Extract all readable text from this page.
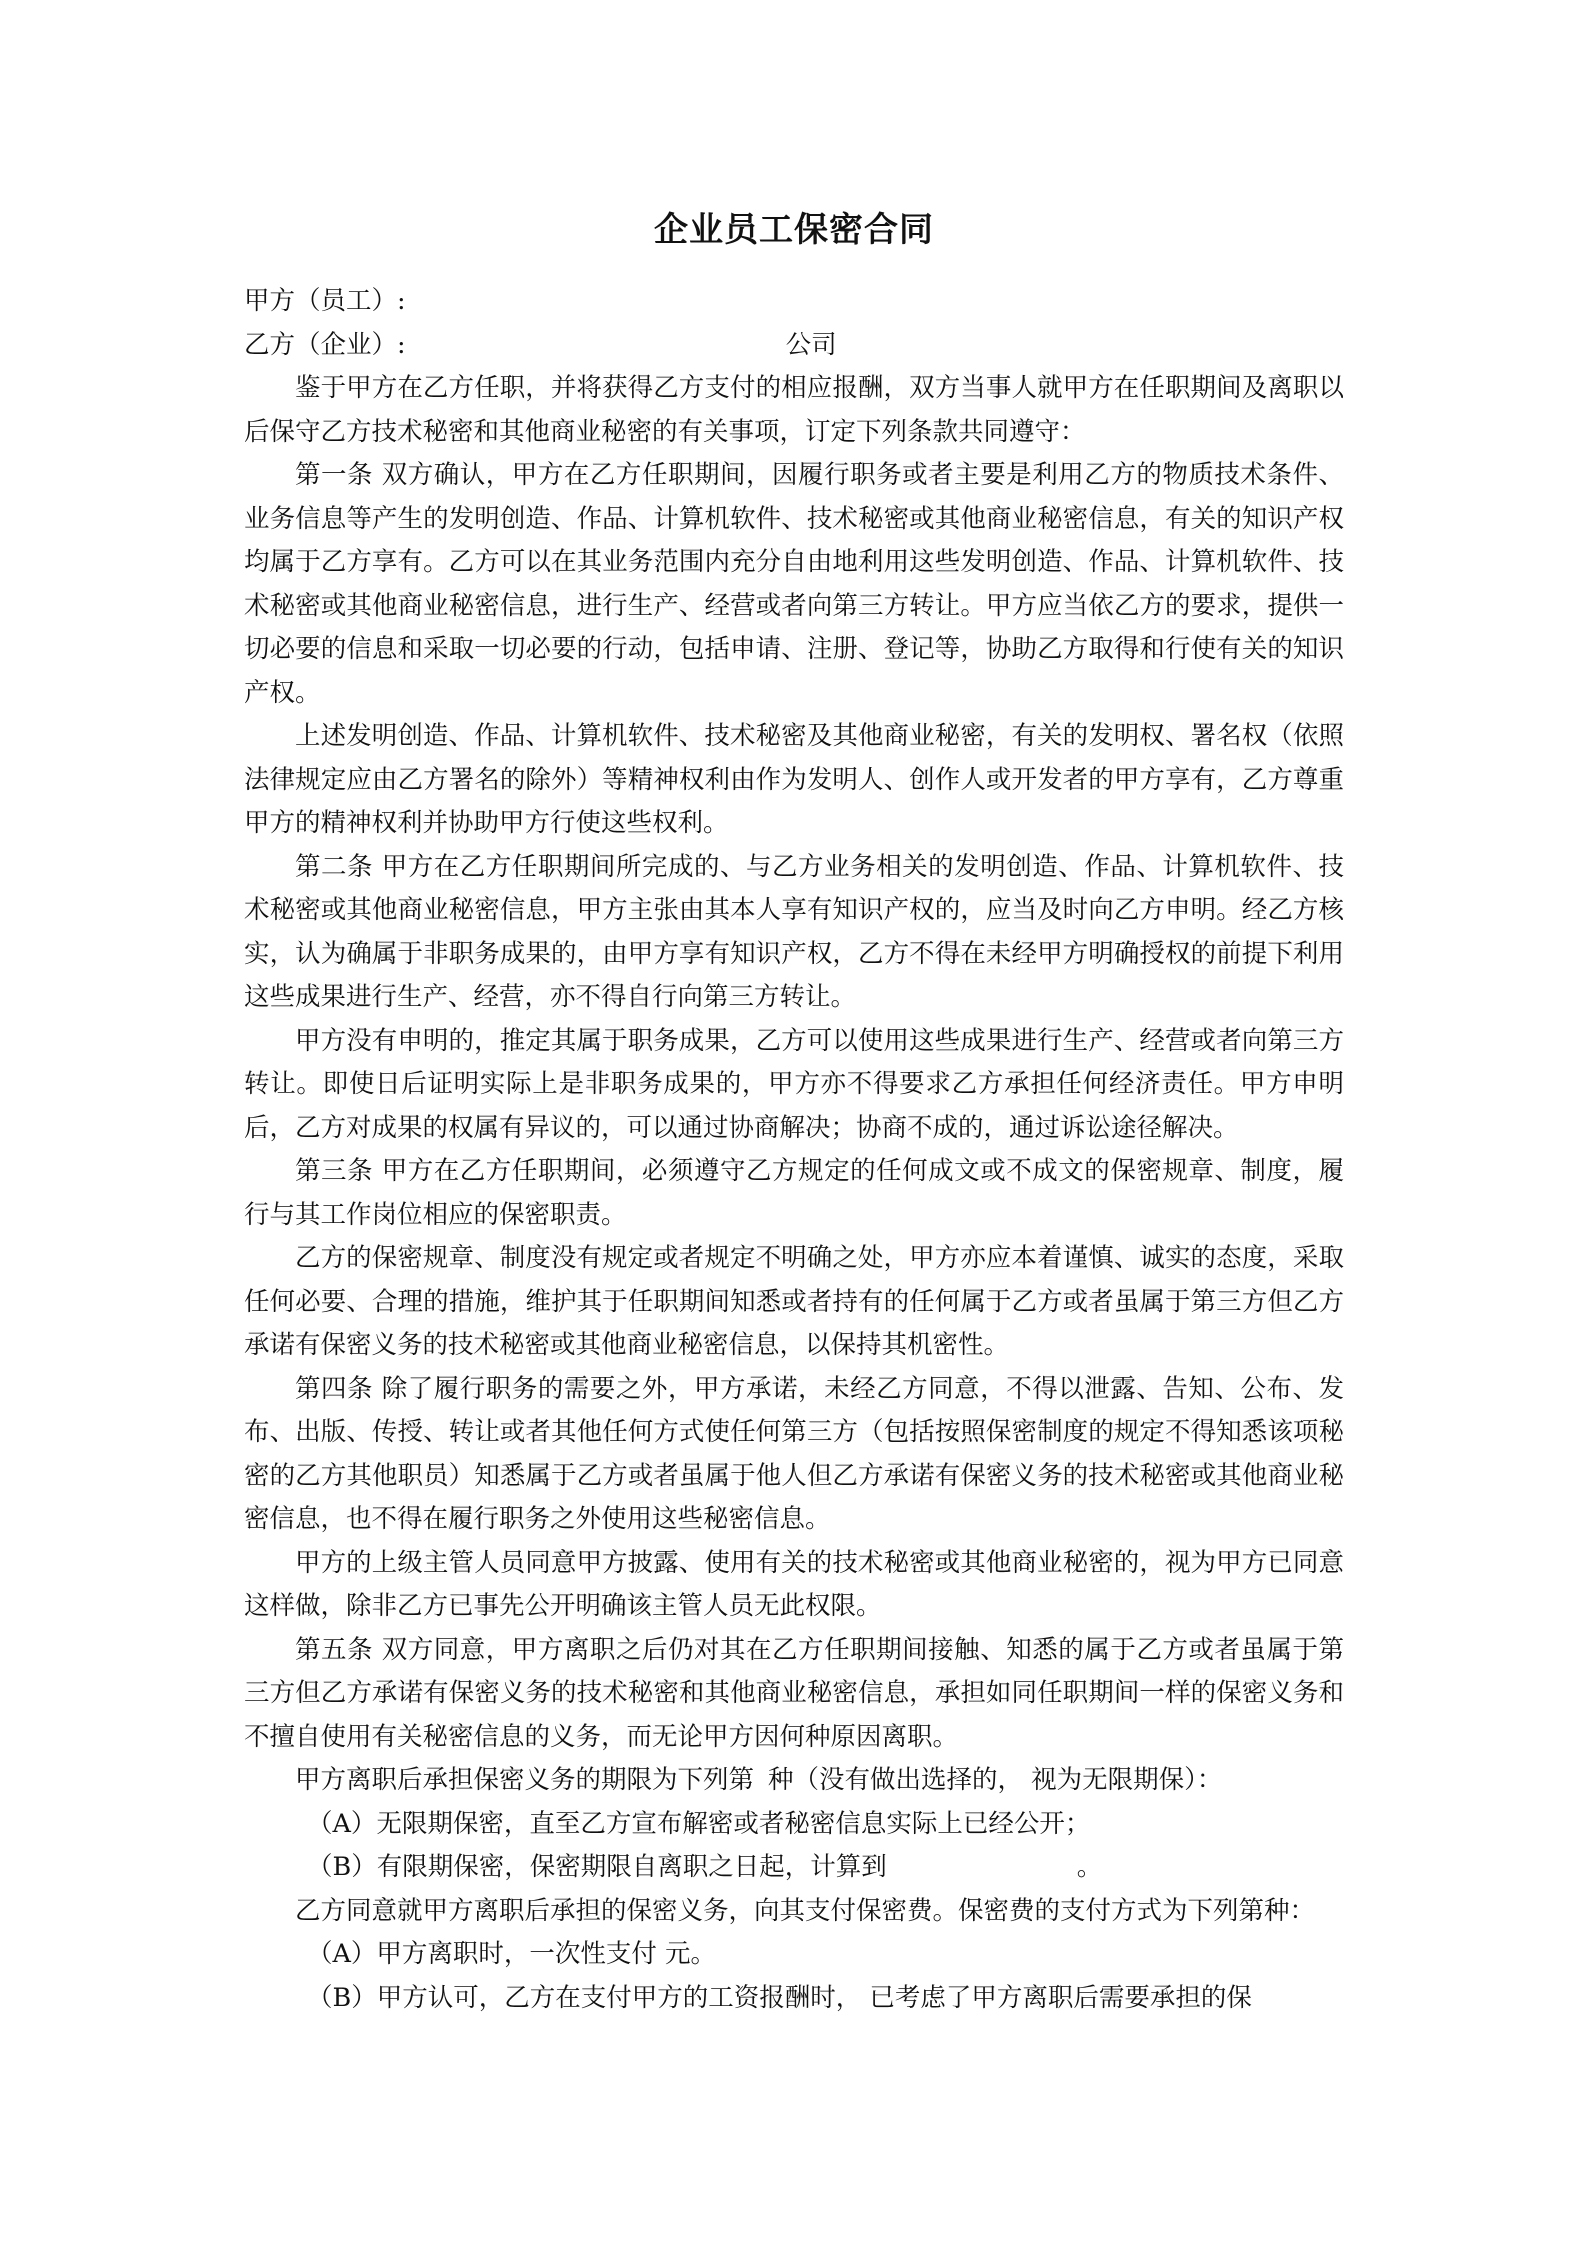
企业员工保密合同

甲方（员工）:

乙方（企业）:	公司

鉴于甲方在乙方任职，并将获得乙方支付的相应报酬，双方当事人就甲方在任职期间及离职以后保守乙方技术秘密和其他商业秘密的有关事项，订定下列条款共同遵守：

第一条 双方确认，甲方在乙方任职期间，因履行职务或者主要是利用乙方的物质技术条件、业务信息等产生的发明创造、作品、计算机软件、技术秘密或其他商业秘密信息，有关的知识产权均属于乙方享有。乙方可以在其业务范围内充分自由地利用这些发明创造、作品、计算机软件、技术秘密或其他商业秘密信息，进行生产、经营或者向第三方转让。甲方应当依乙方的要求，提供一切必要的信息和采取一切必要的行动，包括申请、注册、登记等，协助乙方取得和行使有关的知识产权。

上述发明创造、作品、计算机软件、技术秘密及其他商业秘密，有关的发明权、署名权（依照法律规定应由乙方署名的除外）等精神权利由作为发明人、创作人或开发者的甲方享有，乙方尊重甲方的精神权利并协助甲方行使这些权利。

第二条 甲方在乙方任职期间所完成的、与乙方业务相关的发明创造、作品、计算机软件、技术秘密或其他商业秘密信息，甲方主张由其本人享有知识产权的，应当及时向乙方申明。经乙方核实，认为确属于非职务成果的，由甲方享有知识产权，乙方不得在未经甲方明确授权的前提下利用这些成果进行生产、经营，亦不得自行向第三方转让。

甲方没有申明的，推定其属于职务成果，乙方可以使用这些成果进行生产、经营或者向第三方转让。即使日后证明实际上是非职务成果的，甲方亦不得要求乙方承担任何经济责任。甲方申明后，乙方对成果的权属有异议的，可以通过协商解决；协商不成的，通过诉讼途径解决。

第三条 甲方在乙方任职期间，必须遵守乙方规定的任何成文或不成文的保密规章、制度，履行与其工作岗位相应的保密职责。

乙方的保密规章、制度没有规定或者规定不明确之处，甲方亦应本着谨慎、诚实的态度，采取任何必要、合理的措施，维护其于任职期间知悉或者持有的任何属于乙方或者虽属于第三方但乙方承诺有保密义务的技术秘密或其他商业秘密信息，以保持其机密性。

第四条 除了履行职务的需要之外，甲方承诺，未经乙方同意，不得以泄露、告知、公布、发布、出版、传授、转让或者其他任何方式使任何第三方（包括按照保密制度的规定不得知悉该项秘密的乙方其他职员）知悉属于乙方或者虽属于他人但乙方承诺有保密义务的技术秘密或其他商业秘密信息，也不得在履行职务之外使用这些秘密信息。

甲方的上级主管人员同意甲方披露、使用有关的技术秘密或其他商业秘密的，视为甲方已同意这样做，除非乙方已事先公开明确该主管人员无此权限。

第五条 双方同意，甲方离职之后仍对其在乙方任职期间接触、知悉的属于乙方或者虽属于第三方但乙方承诺有保密义务的技术秘密和其他商业秘密信息，承担如同任职期间一样的保密义务和不擅自使用有关秘密信息的义务，而无论甲方因何种原因离职。

甲方离职后承担保密义务的期限为下列第 种（没有做出选择的， 视为无限期保）：

（A）无限期保密，直至乙方宣布解密或者秘密信息实际上已经公开；

（B）有限期保密，保密期限自离职之日起，计算到	。

乙方同意就甲方离职后承担的保密义务，向其支付保密费。保密费的支付方式为下列第种：

（A）甲方离职时，一次性支付 元。

（B）甲方认可，乙方在支付甲方的工资报酬时， 已考虑了甲方离职后需要承担的保
